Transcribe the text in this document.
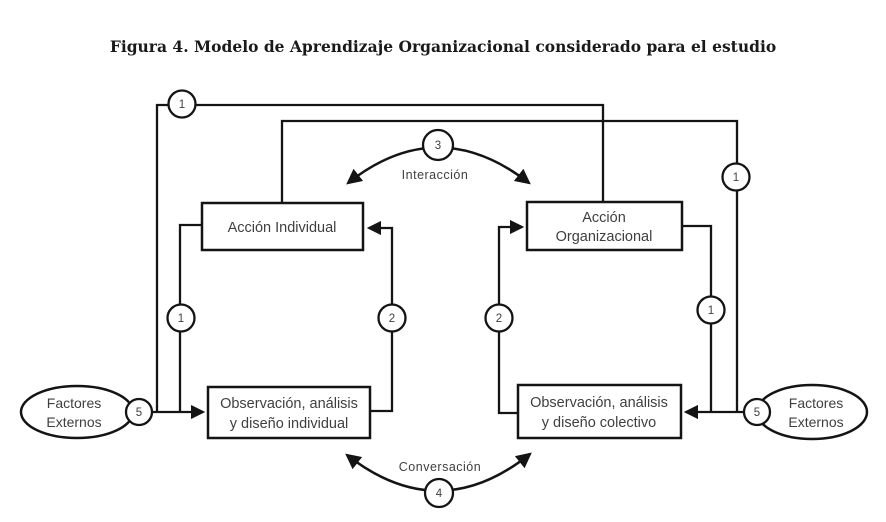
Figura 4. Modelo de Aprendizaje Organizacional considerado para el estudio
Acción Individual
Acción
Organizacional
Observación, análisis
y diseño individual
Observación, análisis
y diseño colectivo
Factores
Externos
Factores
Externos
1
1
1
1
2	2
3
4
5	5
Interacción
Conversación
